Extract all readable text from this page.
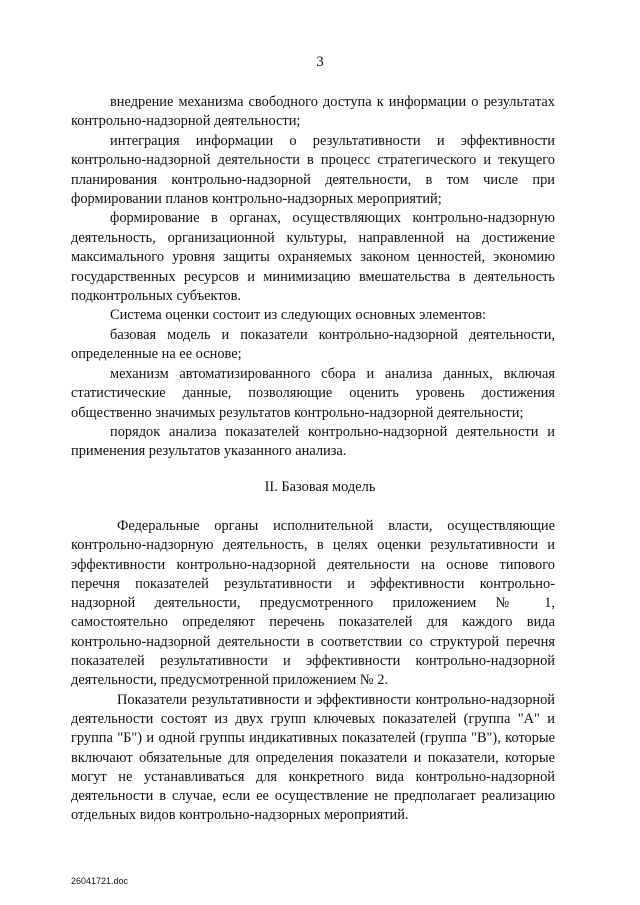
3

внедрение механизма свободного доступа к информации о результатах контрольно-надзорной деятельности;

интеграция информации о результативности и эффективности контрольно-надзорной деятельности в процесс стратегического и текущего планирования контрольно-надзорной деятельности, в том числе при формировании планов контрольно-надзорных мероприятий;

формирование в органах, осуществляющих контрольно-надзорную деятельность, организационной культуры, направленной на достижение максимального уровня защиты охраняемых законом ценностей, экономию государственных ресурсов и минимизацию вмешательства в деятельность подконтрольных субъектов.

Система оценки состоит из следующих основных элементов:

базовая модель и показатели контрольно-надзорной деятельности, определенные на ее основе;

механизм автоматизированного сбора и анализа данных, включая статистические данные, позволяющие оценить уровень достижения общественно значимых результатов контрольно-надзорной деятельности;

порядок анализа показателей контрольно-надзорной деятельности и применения результатов указанного анализа.

II. Базовая модель

Федеральные органы исполнительной власти, осуществляющие контрольно-надзорную деятельность, в целях оценки результативности и эффективности контрольно-надзорной деятельности на основе типового перечня показателей результативности и эффективности контрольно-надзорной деятельности, предусмотренного приложением № 1, самостоятельно определяют перечень показателей для каждого вида контрольно-надзорной деятельности в соответствии со структурой перечня показателей результативности и эффективности контрольно-надзорной деятельности, предусмотренной приложением № 2.

Показатели результативности и эффективности контрольно-надзорной деятельности состоят из двух групп ключевых показателей (группа "А" и группа "Б") и одной группы индикативных показателей (группа "В"), которые включают обязательные для определения показатели и показатели, которые могут не устанавливаться для конкретного вида контрольно-надзорной деятельности в случае, если ее осуществление не предполагает реализацию отдельных видов контрольно-надзорных мероприятий.

26041721.doc
